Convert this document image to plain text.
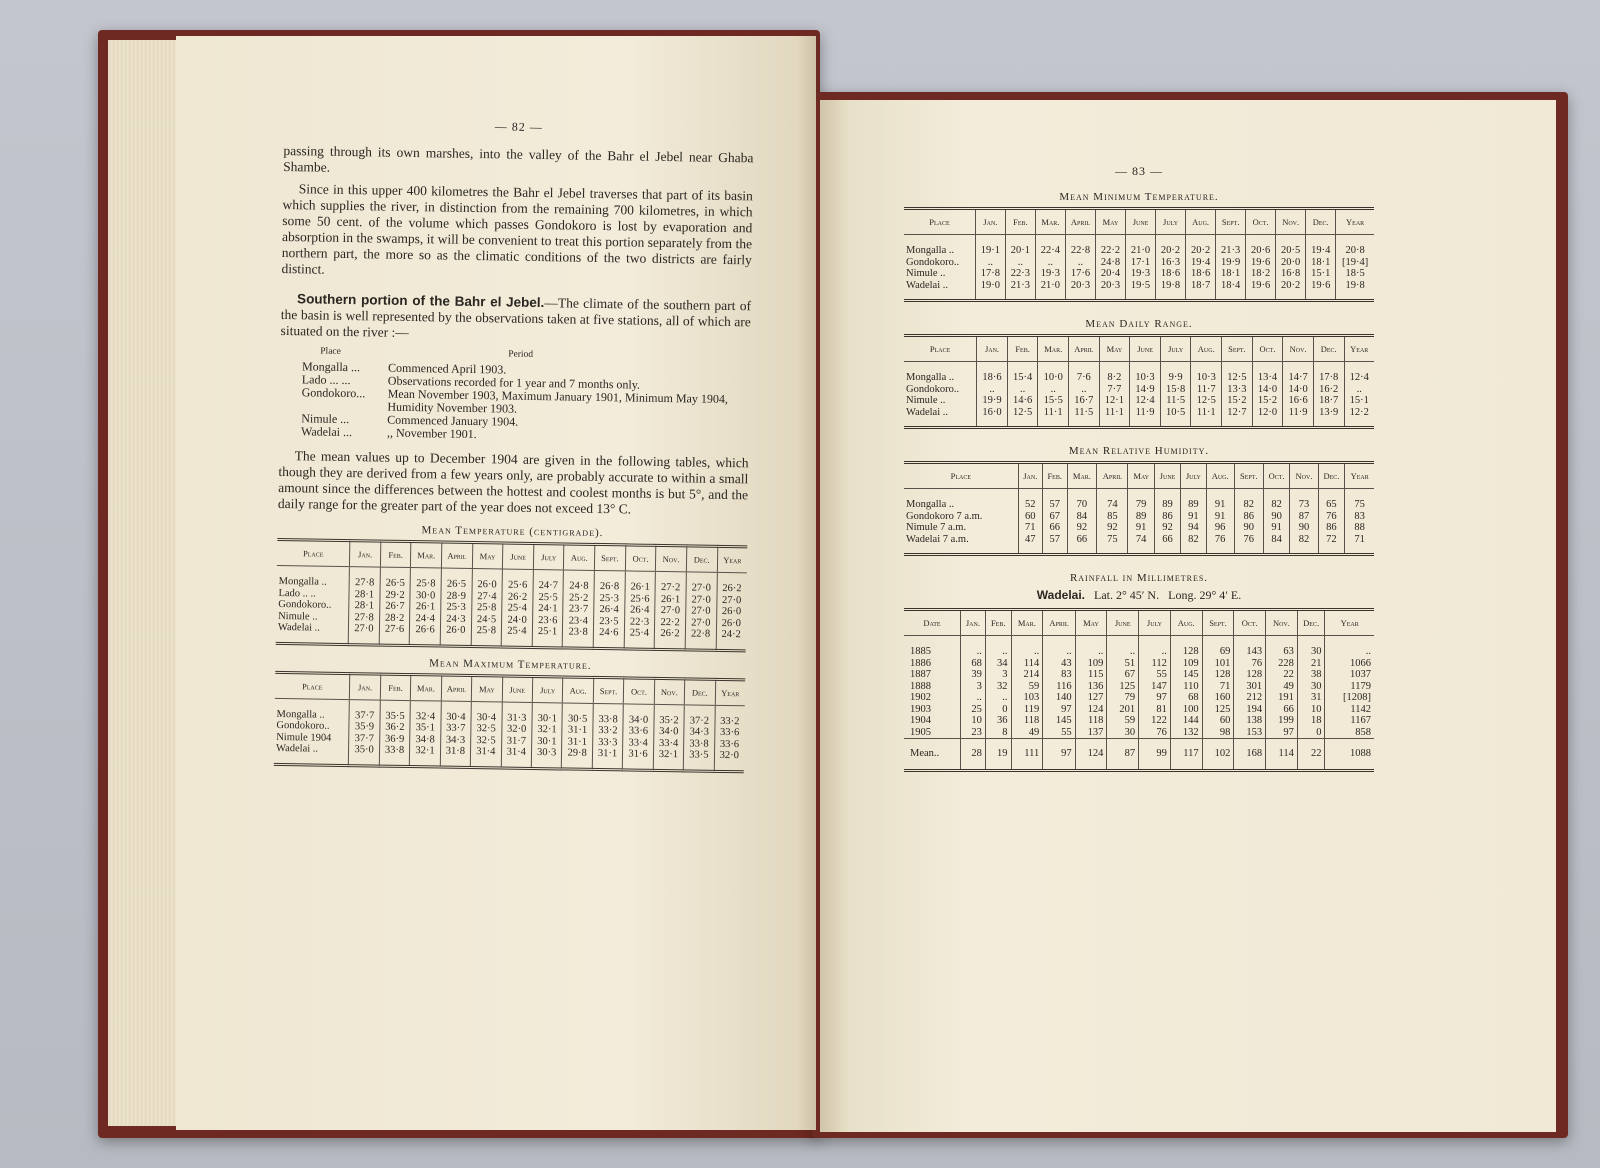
— 82 —

passing through its own marshes, into the valley of the Bahr el Jebel near Ghaba Shambe.

Since in this upper 400 kilometres the Bahr el Jebel traverses that part of its basin which supplies the river, in distinction from the remaining 700 kilometres, in which some 50 cent. of the volume which passes Gondokoro is lost by evaporation and absorption in the swamps, it will be convenient to treat this portion separately from the northern part, the more so as the climatic conditions of the two districts are fairly distinct.

Southern portion of the Bahr el Jebel.—The climate of the southern part of the basin is well represented by the observations taken at five stations, all of which are situated on the river :—

Place	Period
Mongalla ...	Commenced April 1903.
Lado ... ...	Observations recorded for 1 year and 7 months only.
Gondokoro...	Mean November 1903, Maximum January 1901, Minimum May 1904, Humidity November 1903.
Nimule ...	Commenced January 1904.
Wadelai ...	,, November 1901.

The mean values up to December 1904 are given in the following tables, which though they are derived from a few years only, are probably accurate to within a small amount since the differences between the hottest and coolest months is but 5°, and the daily range for the greater part of the year does not exceed 13° C.

Mean Temperature (centigrade).
Place	Jan.	Feb.	Mar.	April	May	June	July	Aug.	Sept.	Oct.	Nov.	Dec.	Year
Mongalla ..	27·8	26·5	25·8	26·5	26·0	25·6	24·7	24·8	26·8	26·1	27·2	27·0	26·2
Lado .. ..	28·1	29·2	30·0	28·9	27·4	26·2	25·5	25·2	25·3	25·6	26·1	27·0	27·0
Gondokoro..	28·1	26·7	26·1	25·3	25·8	25·4	24·1	23·7	26·4	26·4	27·0	27·0	26·0
Nimule ..	27·8	28·2	24·4	24·3	24·5	24·0	23·6	23·4	23·5	22·3	22·2	27·0	26·0
Wadelai ..	27·0	27·6	26·6	26·0	25·8	25·4	25·1	23·8	24·6	25·4	26·2	22·8	24·2
Mean Maximum Temperature.
Place	Jan.	Feb.	Mar.	April	May	June	July	Aug.	Sept.	Oct.	Nov.	Dec.	Year
Mongalla ..	37·7	35·5	32·4	30·4	30·4	31·3	30·1	30·5	33·8	34·0	35·2	37·2	33·2
Gondokoro..	35·9	36·2	35·1	33·7	32·5	32·0	32·1	31·1	33·2	33·6	34·0	34·3	33·6
Nimule 1904	37·7	36·9	34·8	34·3	32·5	31·7	30·1	31·1	33·3	33·4	33·4	33·8	33·6
Wadelai ..	35·0	33·8	32·1	31·8	31·4	31·4	30·3	29·8	31·1	31·6	32·1	33·5	32·0
— 83 —
Mean Minimum Temperature.
Place	Jan.	Feb.	Mar.	April	May	June	July	Aug.	Sept.	Oct.	Nov.	Dec.	Year
Mongalla ..	19·1	20·1	22·4	22·8	22·2	21·0	20·2	20·2	21·3	20·6	20·5	19·4	20·8
Gondokoro..	..	..	..	..	24·8	17·1	16·3	19·4	19·9	19·6	20·0	18·1	[19·4]
Nimule ..	17·8	22·3	19·3	17·6	20·4	19·3	18·6	18·6	18·1	18·2	16·8	15·1	18·5
Wadelai ..	19·0	21·3	21·0	20·3	20·3	19·5	19·8	18·7	18·4	19·6	20·2	19·6	19·8
Mean Daily Range.
Place	Jan.	Feb.	Mar.	April	May	June	July	Aug.	Sept.	Oct.	Nov.	Dec.	Year
Mongalla ..	18·6	15·4	10·0	7·6	8·2	10·3	9·9	10·3	12·5	13·4	14·7	17·8	12·4
Gondokoro..	..	..	..	..	7·7	14·9	15·8	11·7	13·3	14·0	14·0	16·2	..
Nimule ..	19·9	14·6	15·5	16·7	12·1	12·4	11·5	12·5	15·2	15·2	16·6	18·7	15·1
Wadelai ..	16·0	12·5	11·1	11·5	11·1	11·9	10·5	11·1	12·7	12·0	11·9	13·9	12·2
Mean Relative Humidity.
Place	Jan.	Feb.	Mar.	April	May	June	July	Aug.	Sept.	Oct.	Nov.	Dec.	Year
Mongalla ..	52	57	70	74	79	89	89	91	82	82	73	65	75
Gondokoro 7 a.m.	60	67	84	85	89	86	91	91	86	90	87	76	83
Nimule 7 a.m.	71	66	92	92	91	92	94	96	90	91	90	86	88
Wadelai 7 a.m.	47	57	66	75	74	66	82	76	76	84	82	72	71
Rainfall in Millimetres.
Wadelai. Lat. 2° 45′ N. Long. 29° 4′ E.
Date	Jan.	Feb.	Mar.	April	May	June	July	Aug.	Sept.	Oct.	Nov.	Dec.	Year
1885	..	..	..	..	..	..	..	128	69	143	63	30	..
1886	68	34	114	43	109	51	112	109	101	76	228	21	1066
1887	39	3	214	83	115	67	55	145	128	128	22	38	1037
1888	3	32	59	116	136	125	147	110	71	301	49	30	1179
1902	..	..	103	140	127	79	97	68	160	212	191	31	[1208]
1903	25	0	119	97	124	201	81	100	125	194	66	10	1142
1904	10	36	118	145	118	59	122	144	60	138	199	18	1167
1905	23	8	49	55	137	30	76	132	98	153	97	0	858
Mean..	28	19	111	97	124	87	99	117	102	168	114	22	1088
